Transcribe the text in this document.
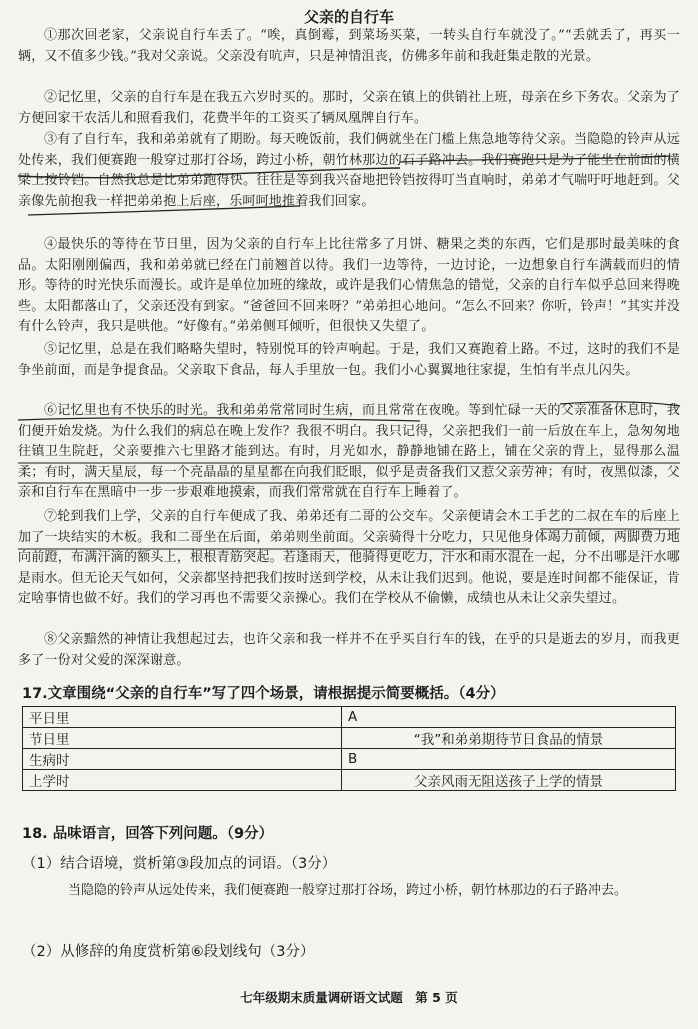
父亲的自行车
①那次回老家，父亲说自行车丢了。“唉，真倒霉，到菜场买菜，一转头自行车就没了。”“丢就丢了，再买一辆，又不值多少钱。”我对父亲说。父亲没有吭声，只是神情沮丧，仿佛多年前和我赶集走散的光景。
②记忆里，父亲的自行车是在我五六岁时买的。那时，父亲在镇上的供销社上班，母亲在乡下务农。父亲为了方便回家干农活儿和照看我们，花费半年的工资买了辆凤凰牌自行车。
③有了自行车，我和弟弟就有了期盼。每天晚饭前，我们俩就坐在门槛上焦急地等待父亲。当隐隐的铃声从远处传来，我们便赛跑一般穿过那打谷场，跨过小桥，朝竹林那边的石子路冲去。我们赛跑只是为了能坐在前面的横梁上按铃铛。自然我总是比弟弟跑得快。往往是等到我兴奋地把铃铛按得叮当直响时，弟弟才气喘吁吁地赶到。父亲像先前抱我一样把弟弟抱上后座，乐呵呵地推着我们回家。
④最快乐的等待在节日里，因为父亲的自行车上比往常多了月饼、糖果之类的东西，它们是那时最美味的食品。太阳刚刚偏西，我和弟弟就已经在门前翘首以待。我们一边等待，一边讨论，一边想象自行车满载而归的情形。等待的时光快乐而漫长。或许是单位加班的缘故，或许是我们心情焦急的错觉，父亲的自行车似乎总回来得晚些。太阳都落山了，父亲还没有到家。“爸爸回不回来呀？”弟弟担心地问。“怎么不回来？你听，铃声！”其实并没有什么铃声，我只是哄他。“好像有。”弟弟侧耳倾听，但很快又失望了。
⑤记忆里，总是在我们略略失望时，特别悦耳的铃声响起。于是，我们又赛跑着上路。不过，这时的我们不是争坐前面，而是争提食品。父亲取下食品，每人手里放一包。我们小心翼翼地往家提，生怕有半点儿闪失。
⑥记忆里也有不快乐的时光。我和弟弟常常同时生病，而且常常在夜晚。等到忙碌一天的父亲准备休息时，我们便开始发烧。为什么我们的病总在晚上发作？我很不明白。我只记得，父亲把我们一前一后放在车上，急匆匆地往镇卫生院赶，父亲要推六七里路才能到达。有时，月光如水，静静地铺在路上，铺在父亲的背上，显得那么温柔；有时，满天星辰，每一个亮晶晶的星星都在向我们眨眼，似乎是责备我们又惹父亲劳神；有时，夜黑似漆，父亲和自行车在黑暗中一步一步艰难地摸索，而我们常常就在自行车上睡着了。
⑦轮到我们上学，父亲的自行车便成了我、弟弟还有二哥的公交车。父亲便请会木工手艺的二叔在车的后座上加了一块结实的木板。我和二哥坐在后面，弟弟则坐前面。父亲骑得十分吃力，只见他身体竭力前倾，两脚费力地向前蹬，布满汗滴的额头上，根根青筋突起。若逢雨天，他骑得更吃力，汗水和雨水混在一起，分不出哪是汗水哪是雨水。但无论天气如何，父亲都坚持把我们按时送到学校，从未让我们迟到。他说，要是连时间都不能保证，肯定啥事情也做不好。我们的学习再也不需要父亲操心。我们在学校从不偷懒，成绩也从未让父亲失望过。
⑧父亲黯然的神情让我想起过去，也许父亲和我一样并不在乎买自行车的钱，在乎的只是逝去的岁月，而我更多了一份对父爱的深深谢意。
17.文章围绕“父亲的自行车”写了四个场景，请根据提示简要概括。（4分）
平日里	A
节日里	“我”和弟弟期待节日食品的情景
生病时	B
上学时	父亲风雨无阻送孩子上学的情景
18. 品味语言，回答下列问题。（9分）
（1）结合语境，赏析第③段加点的词语。（3分）
当隐隐的铃声从远处传来，我们便赛跑一般穿过那打谷场，跨过小桥，朝竹林那边的石子路冲去。
（2）从修辞的角度赏析第⑥段划线句（3分）
七年级期末质量调研语文试题　第 5 页
